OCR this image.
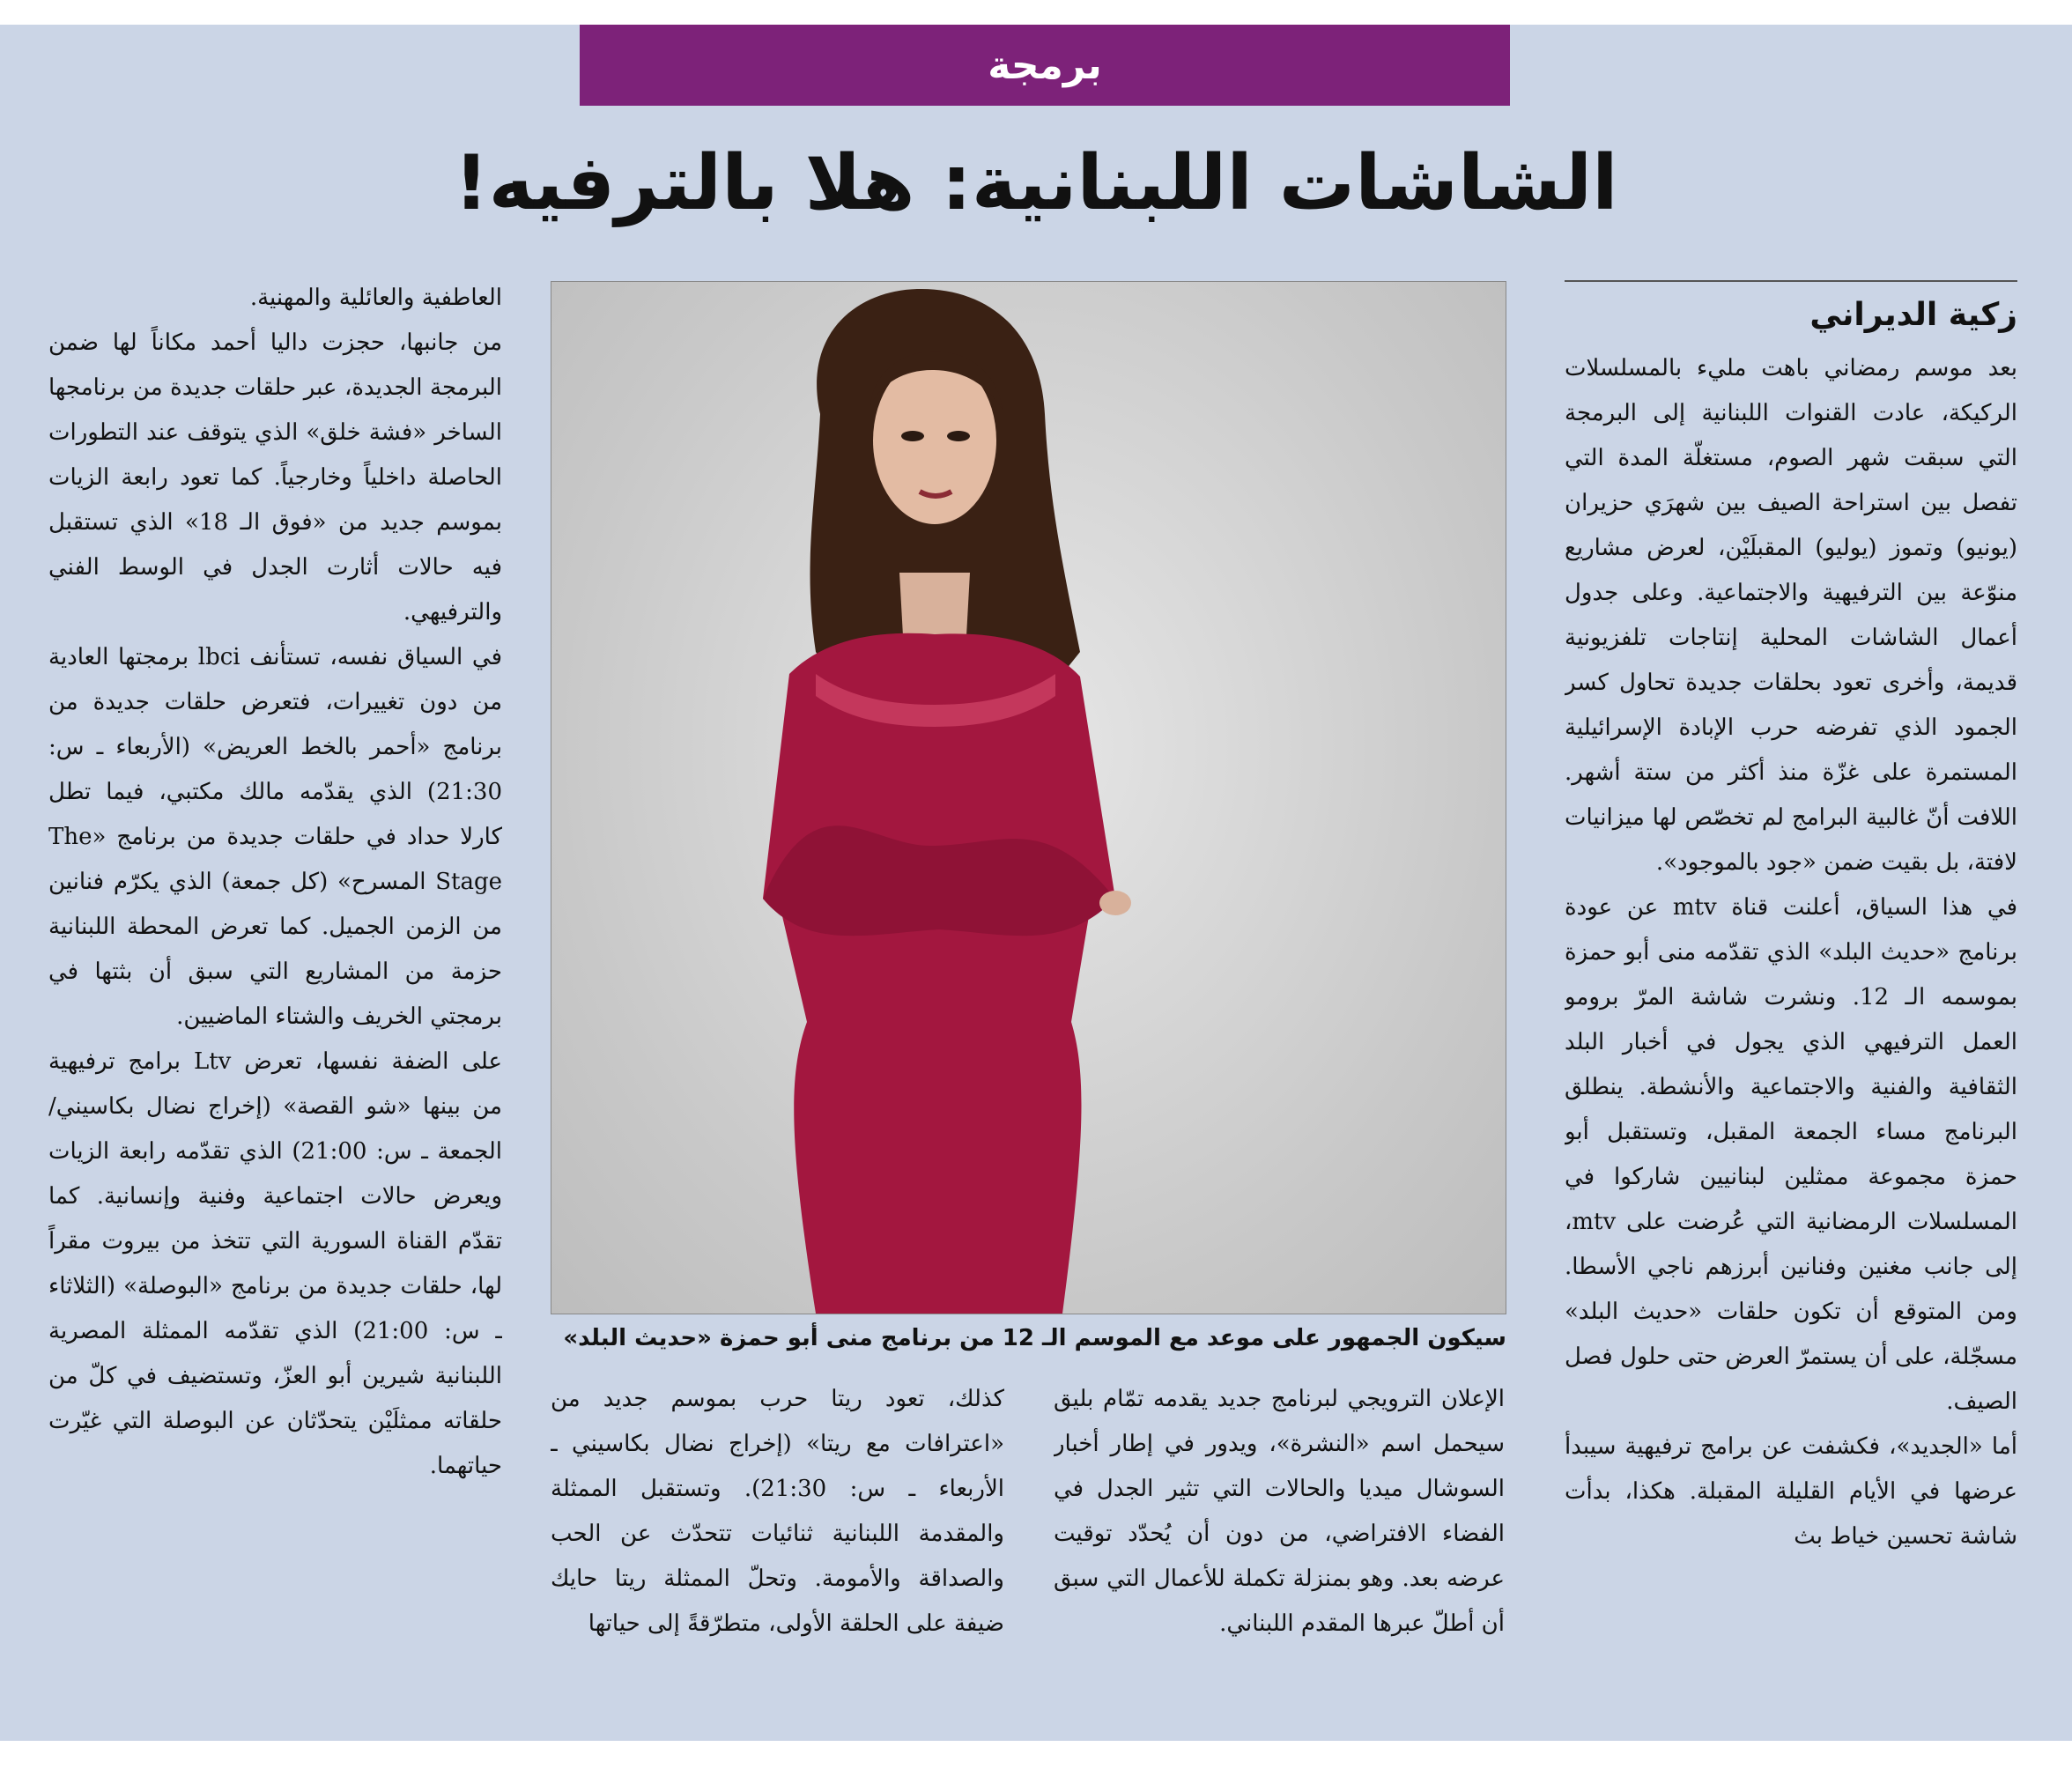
برمجة
الشاشات اللبنانية: هلا بالترفيه!
زكية الديراني

بعد موسم رمضاني باهت مليء بالمسلسلات الركيكة، عادت القنوات اللبنانية إلى البرمجة التي سبقت شهر الصوم، مستغلّة المدة التي تفصل بين استراحة الصيف بين شهرَي حزيران (يونيو) وتموز (يوليو) المقبلَيْن، لعرض مشاريع منوّعة بين الترفيهية والاجتماعية. وعلى جدول أعمال الشاشات المحلية إنتاجات تلفزيونية قديمة، وأخرى تعود بحلقات جديدة تحاول كسر الجمود الذي تفرضه حرب الإبادة الإسرائيلية المستمرة على غزّة منذ أكثر من ستة أشهر. اللافت أنّ غالبية البرامج لم تخصّص لها ميزانيات لافتة، بل بقيت ضمن «جود بالموجود».

في هذا السياق، أعلنت قناة mtv عن عودة برنامج «حديث البلد» الذي تقدّمه منى أبو حمزة بموسمه الـ 12. ونشرت شاشة المرّ برومو العمل الترفيهي الذي يجول في أخبار البلد الثقافية والفنية والاجتماعية والأنشطة. ينطلق البرنامج مساء الجمعة المقبل، وتستقبل أبو حمزة مجموعة ممثلين لبنانيين شاركوا في المسلسلات الرمضانية التي عُرضت على mtv، إلى جانب مغنين وفنانين أبرزهم ناجي الأسطا. ومن المتوقع أن تكون حلقات «حديث البلد» مسجّلة، على أن يستمرّ العرض حتى حلول فصل الصيف.

أما «الجديد»، فكشفت عن برامج ترفيهية سيبدأ عرضها في الأيام القليلة المقبلة. هكذا، بدأت شاشة تحسين خياط بث

سيكون الجمهور على موعد مع الموسم الـ 12 من برنامج منى أبو حمزة «حديث البلد»

الإعلان الترويجي لبرنامج جديد يقدمه تمّام بليق سيحمل اسم «النشرة»، ويدور في إطار أخبار السوشال ميديا والحالات التي تثير الجدل في الفضاء الافتراضي، من دون أن يُحدّد توقيت عرضه بعد. وهو بمنزلة تكملة للأعمال التي سبق أن أطلّ عبرها المقدم اللبناني.

كذلك، تعود ريتا حرب بموسم جديد من «اعترافات مع ريتا» (إخراج نضال بكاسيني ـ الأربعاء ـ س: 21:30). وتستقبل الممثلة والمقدمة اللبنانية ثنائيات تتحدّث عن الحب والصداقة والأمومة. وتحلّ الممثلة ريتا حايك ضيفة على الحلقة الأولى، متطرّقةً إلى حياتها

العاطفية والعائلية والمهنية.

من جانبها، حجزت داليا أحمد مكاناً لها ضمن البرمجة الجديدة، عبر حلقات جديدة من برنامجها الساخر «فشة خلق» الذي يتوقف عند التطورات الحاصلة داخلياً وخارجياً. كما تعود رابعة الزيات بموسم جديد من «فوق الـ 18» الذي تستقبل فيه حالات أثارت الجدل في الوسط الفني والترفيهي.

في السياق نفسه، تستأنف lbci برمجتها العادية من دون تغييرات، فتعرض حلقات جديدة من برنامج «أحمر بالخط العريض» (الأربعاء ـ س: 21:30) الذي يقدّمه مالك مكتبي، فيما تطل كارلا حداد في حلقات جديدة من برنامج «The Stage المسرح» (كل جمعة) الذي يكرّم فنانين من الزمن الجميل. كما تعرض المحطة اللبنانية حزمة من المشاريع التي سبق أن بثتها في برمجتي الخريف والشتاء الماضيين.

على الضفة نفسها، تعرض Ltv برامج ترفيهية من بينها «شو القصة» (إخراج نضال بكاسيني/ الجمعة ـ س: 21:00) الذي تقدّمه رابعة الزيات ويعرض حالات اجتماعية وفنية وإنسانية. كما تقدّم القناة السورية التي تتخذ من بيروت مقراً لها، حلقات جديدة من برنامج «البوصلة» (الثلاثاء ـ س: 21:00) الذي تقدّمه الممثلة المصرية اللبنانية شيرين أبو العزّ، وتستضيف في كلّ من حلقاته ممثلَيْن يتحدّثان عن البوصلة التي غيّرت حياتهما.
